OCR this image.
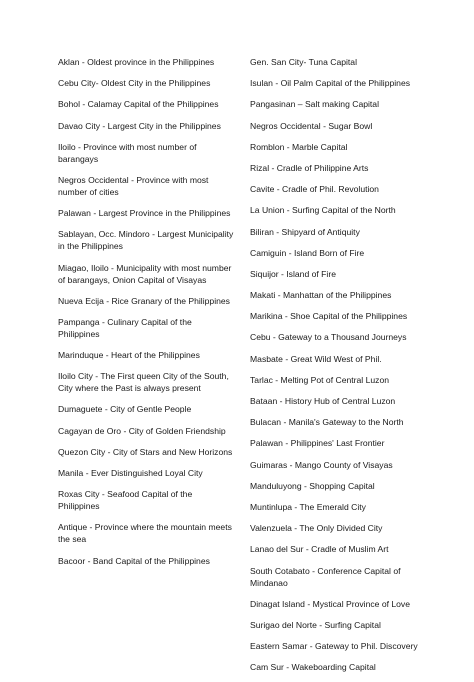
Aklan - Oldest province in the Philippines
Cebu City- Oldest City in the Philippines
Bohol - Calamay Capital of the Philippines
Davao City - Largest City in the Philippines
Iloilo - Province with most number of barangays
Negros Occidental - Province with most number of cities
Palawan - Largest Province in the Philippines
Sablayan, Occ. Mindoro - Largest Municipality in the Philippines
Miagao, Iloilo - Municipality with most number of barangays, Onion Capital of Visayas
Nueva Ecija - Rice Granary of the Philippines
Pampanga - Culinary Capital of the Philippines
Marinduque - Heart of the Philippines
Iloilo City - The First queen City of the South, City where the Past is always present
Dumaguete - City of Gentle People
Cagayan de Oro - City of Golden Friendship
Quezon City - City of Stars and New Horizons
Manila - Ever Distinguished Loyal City
Roxas City - Seafood Capital of the Philippines
Antique - Province where the mountain meets the sea
Bacoor - Band Capital of the Philippines
Gen. San City- Tuna Capital
Isulan - Oil Palm Capital of the Philippines
Pangasinan – Salt making Capital
Negros Occidental - Sugar Bowl
Romblon - Marble Capital
Rizal - Cradle of Philippine Arts
Cavite - Cradle of Phil. Revolution
La Union - Surfing Capital of the North
Biliran - Shipyard of Antiquity
Camiguin - Island Born of Fire
Siquijor - Island of Fire
Makati - Manhattan of the Philippines
Marikina - Shoe Capital of the Philippines
Cebu - Gateway to a Thousand Journeys
Masbate - Great Wild West of Phil.
Tarlac - Melting Pot of Central Luzon
Bataan - History Hub of Central Luzon
Bulacan - Manila's Gateway to the North
Palawan - Philippines' Last Frontier
Guimaras - Mango County of Visayas
Manduluyong - Shopping Capital
Muntinlupa - The Emerald City
Valenzuela - The Only Divided City
Lanao del Sur - Cradle of Muslim Art
South Cotabato - Conference Capital of Mindanao
Dinagat Island - Mystical Province of Love
Surigao del Norte - Surfing Capital
Eastern Samar - Gateway to Phil. Discovery
Cam Sur - Wakeboarding Capital
